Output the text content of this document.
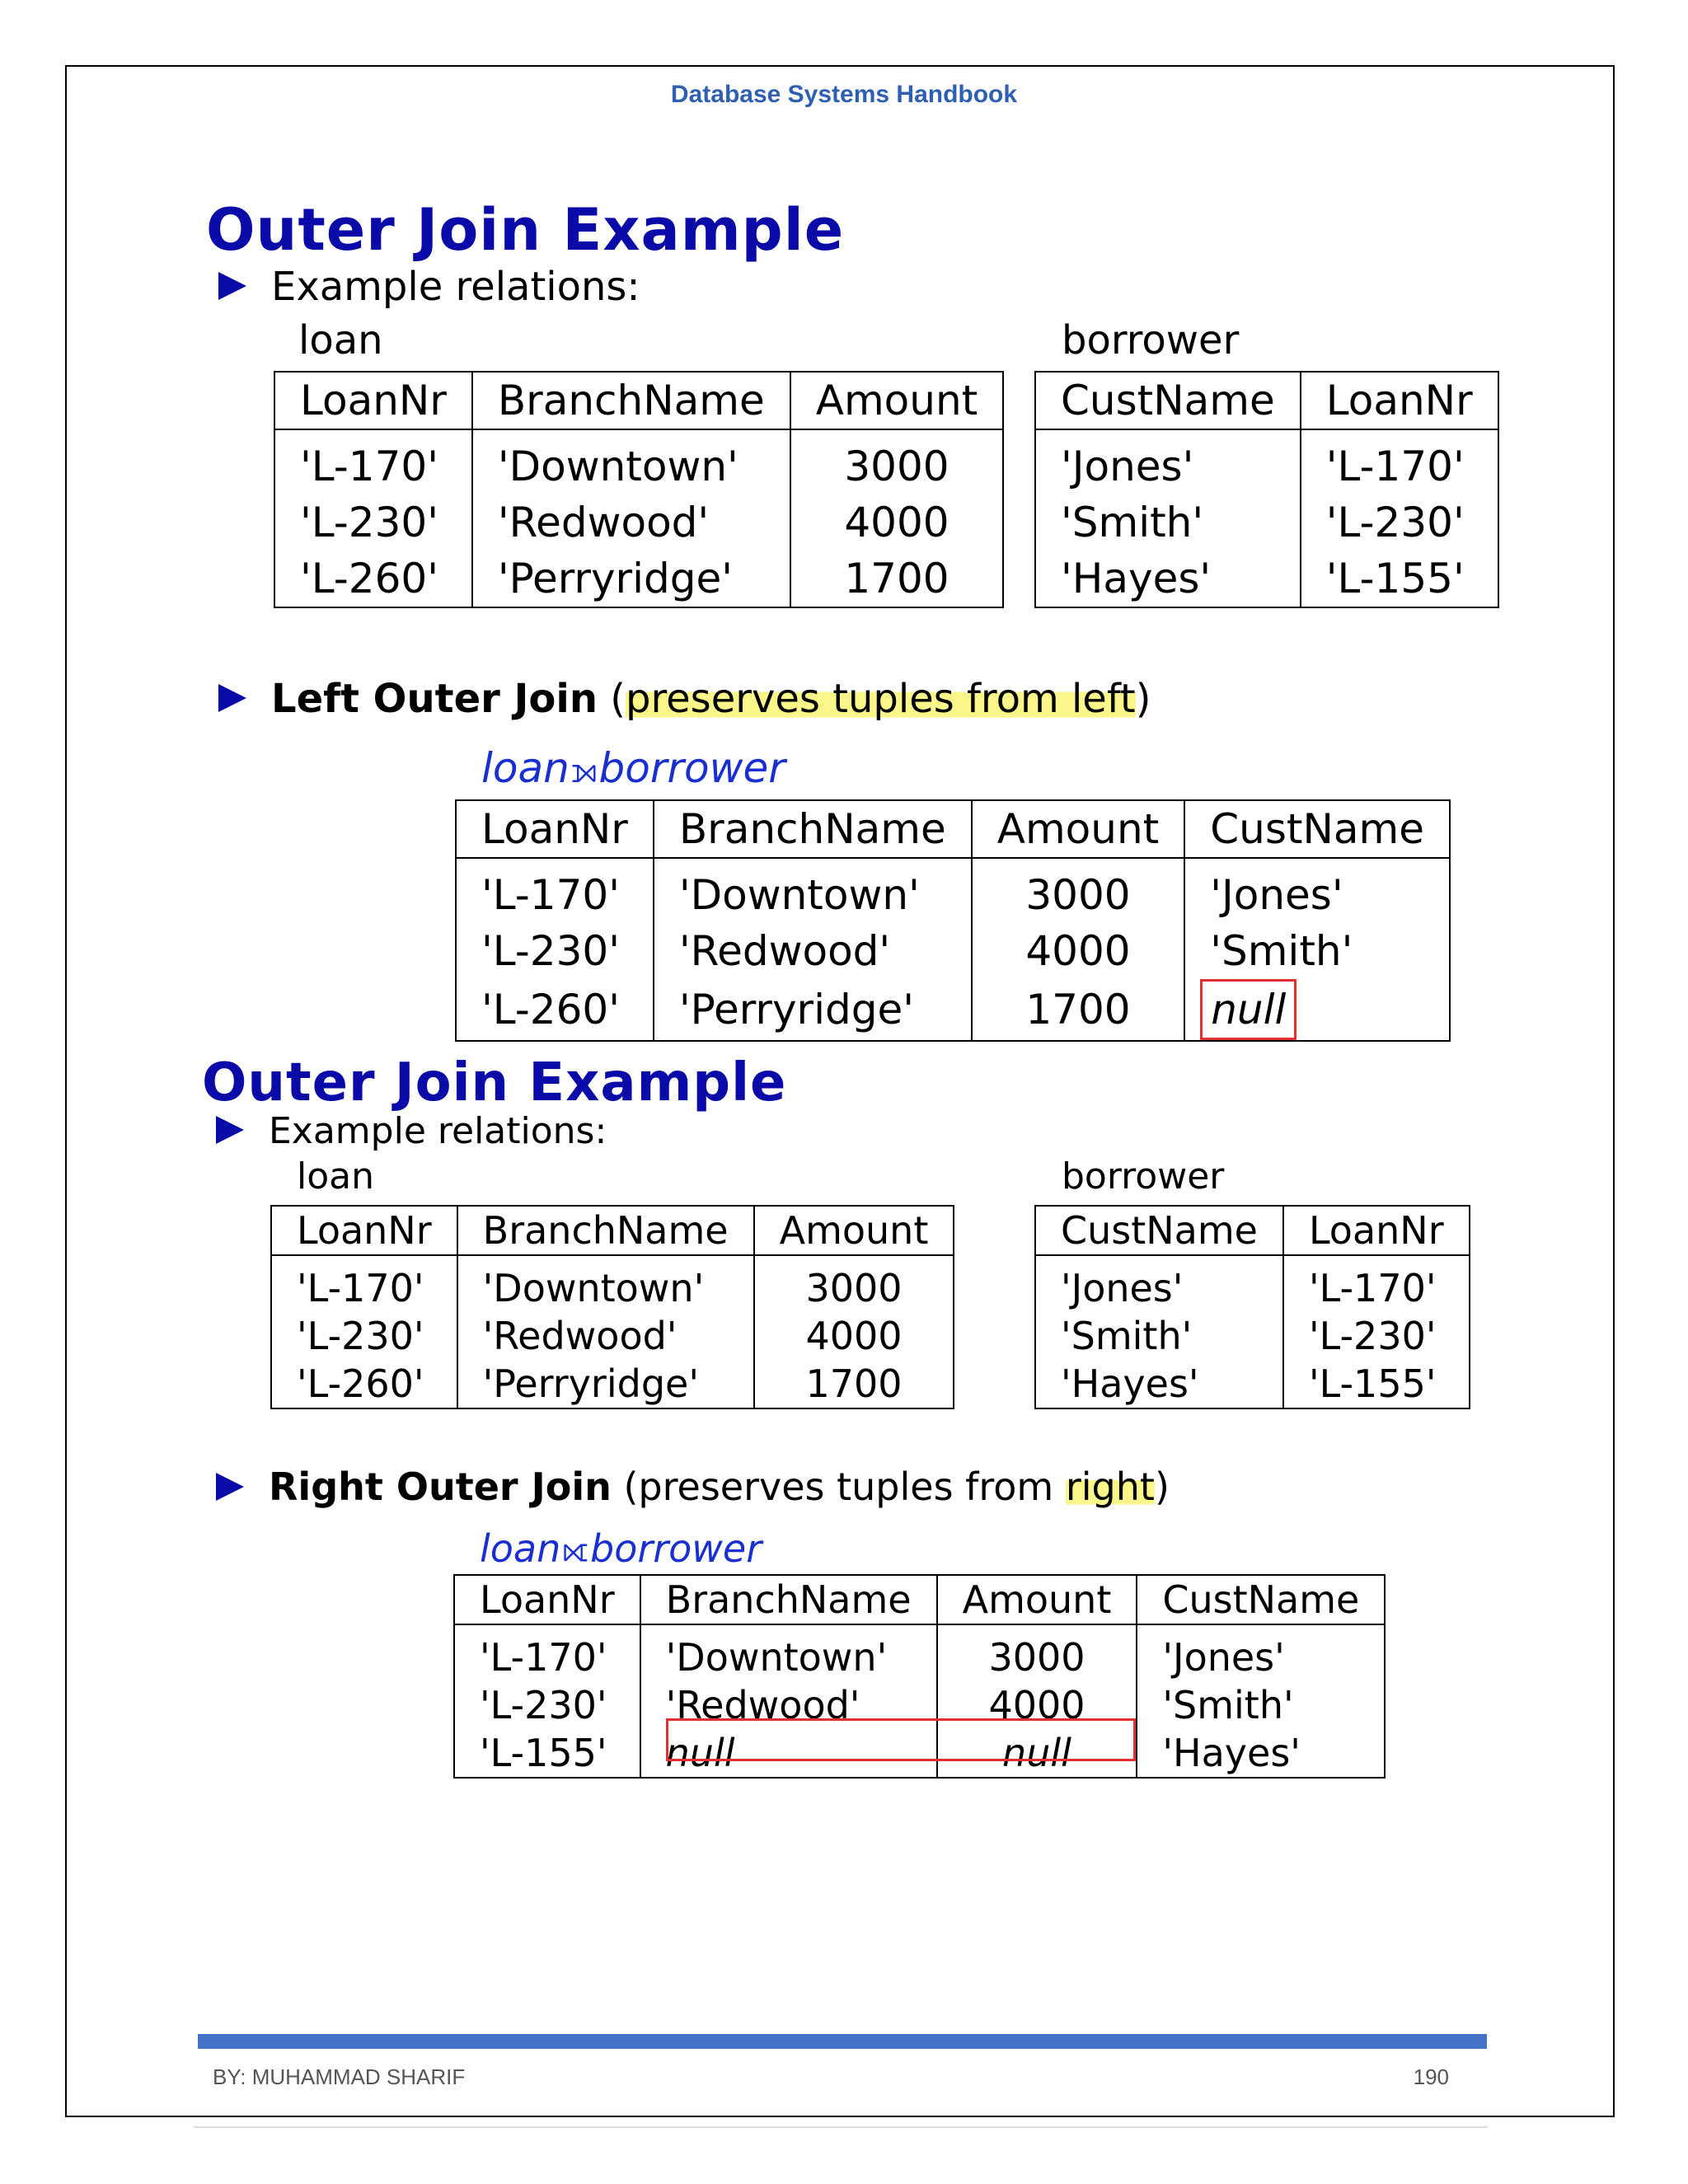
Database Systems Handbook
Outer Join Example
Example relations:
loan	borrower
LoanNr	BranchName	Amount

'L-170'	'Downtown'	3000
'L-230'	'Redwood'	4000
'L-260'	'Perryridge'	1700
CustName	LoanNr

'Jones'	'L-170'
'Smith'	'L-230'
'Hayes'	'L-155'
Left Outer Join (preserves tuples from left)
loan⟕borrower
LoanNr	BranchName	Amount	CustName

'L-170'	'Downtown'	3000	'Jones'
'L-230'	'Redwood'	4000	'Smith'
'L-260'	'Perryridge'	1700	null
Outer Join Example
Example relations:
loan	borrower
LoanNr	BranchName	Amount

'L-170'	'Downtown'	3000
'L-230'	'Redwood'	4000
'L-260'	'Perryridge'	1700
CustName	LoanNr

'Jones'	'L-170'
'Smith'	'L-230'
'Hayes'	'L-155'
Right Outer Join (preserves tuples from right)
loan⟖borrower
LoanNr	BranchName	Amount	CustName

'L-170'	'Downtown'	3000	'Jones'
'L-230'	'Redwood'	4000	'Smith'
'L-155'	null	null	'Hayes'
BY: MUHAMMAD SHARIF	190
